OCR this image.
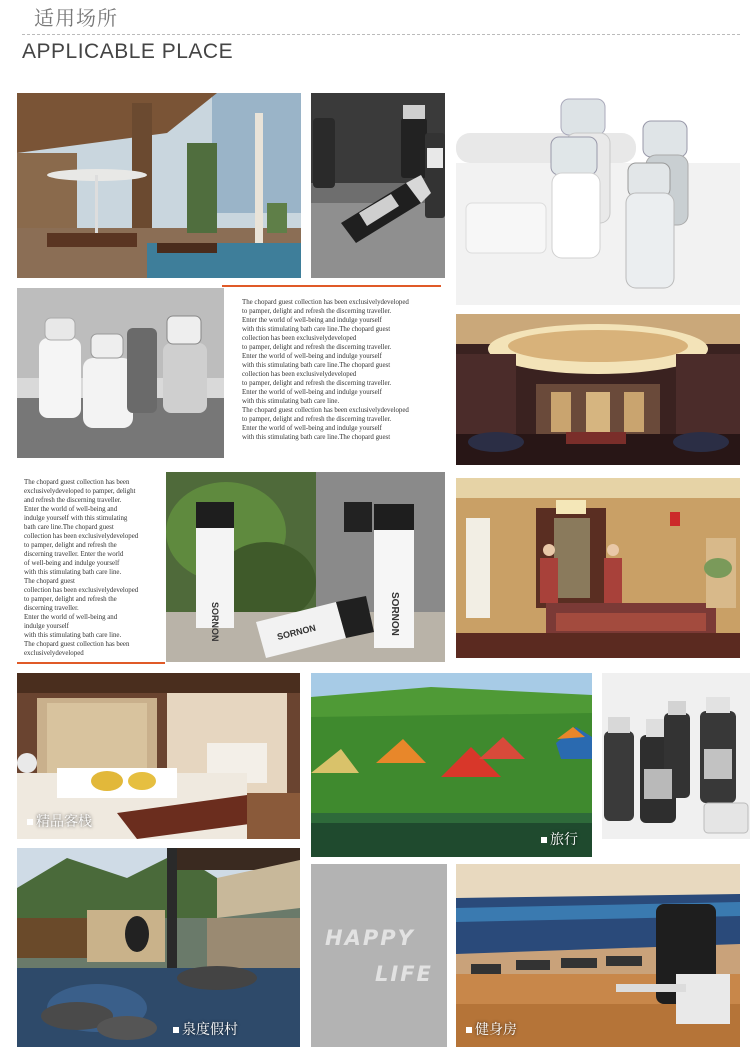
适用场所
APPLICABLE PLACE
The chopard guest collection has been exclusivelydeveloped
to pamper, delight and refresh the discerning traveller.
Enter the world of well-being and indulge yourself
with this stimulating bath care line.The chopard guest
collection has been exclusivelydeveloped
to pamper, delight and refresh the discerning traveller.
Enter the world of well-being and indulge yourself
with this stimulating bath care line.The chopard guest
collection has been exclusivelydeveloped
to pamper, delight and refresh the discerning traveller.
Enter the world of well-being and indulge yourself
with this stimulating bath care line.
The chopard guest collection has been exclusivelydeveloped
to pamper, delight and refresh the discerning traveller.
Enter the world of well-being and indulge yourself
with this stimulating bath care line.The chopard guest
The chopard guest collection has been
exclusivelydeveloped to pamper, delight
and refresh the discerning traveller.
Enter the world of well-being and
indulge yourself with this stimulating
bath care line.The chopard guest
collection has been exclusivelydeveloped
to pamper, delight and refresh the
discerning traveller. Enter the world
of well-being and indulge yourself
with this stimulating bath care line.
The chopard guest
collection has been exclusivelydeveloped
to pamper, delight and refresh the
discerning traveller.
Enter the world of well-being and
indulge yourself
with this stimulating bath care line.
The chopard guest collection has been
exclusivelydeveloped
SORNON	SORNON
SORNON
精品客栈
旅行
泉度假村
HAPPY
LIFE
健身房
